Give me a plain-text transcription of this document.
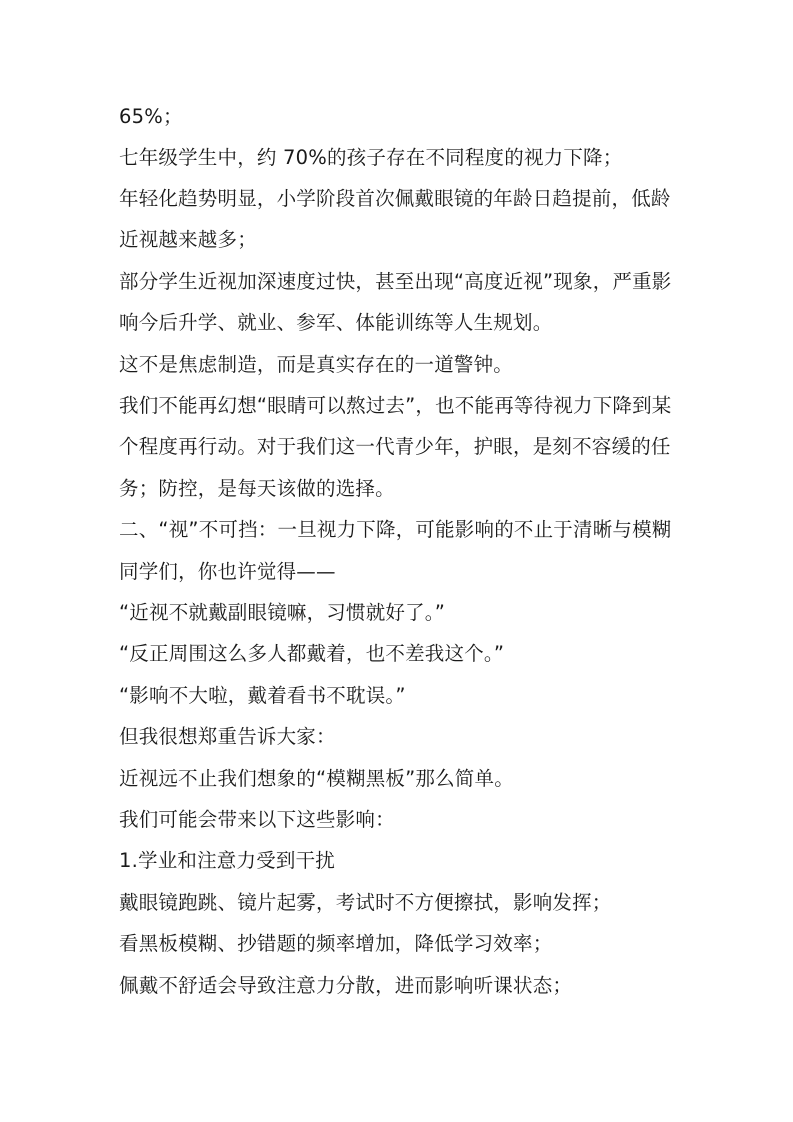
65%；

七年级学生中，约 70%的孩子存在不同程度的视力下降；

年轻化趋势明显，小学阶段首次佩戴眼镜的年龄日趋提前，低龄

近视越来越多；

部分学生近视加深速度过快，甚至出现“高度近视”现象，严重影

响今后升学、就业、参军、体能训练等人生规划。

这不是焦虑制造，而是真实存在的一道警钟。

我们不能再幻想“眼睛可以熬过去”，也不能再等待视力下降到某

个程度再行动。对于我们这一代青少年，护眼，是刻不容缓的任

务；防控，是每天该做的选择。

二、“视”不可挡：一旦视力下降，可能影响的不止于清晰与模糊

同学们，你也许觉得——

“近视不就戴副眼镜嘛，习惯就好了。”

“反正周围这么多人都戴着，也不差我这个。”

“影响不大啦，戴着看书不耽误。”

但我很想郑重告诉大家：

近视远不止我们想象的“模糊黑板”那么简单。

我们可能会带来以下这些影响：

1.学业和注意力受到干扰

戴眼镜跑跳、镜片起雾，考试时不方便擦拭，影响发挥；

看黑板模糊、抄错题的频率增加，降低学习效率；

佩戴不舒适会导致注意力分散，进而影响听课状态；
